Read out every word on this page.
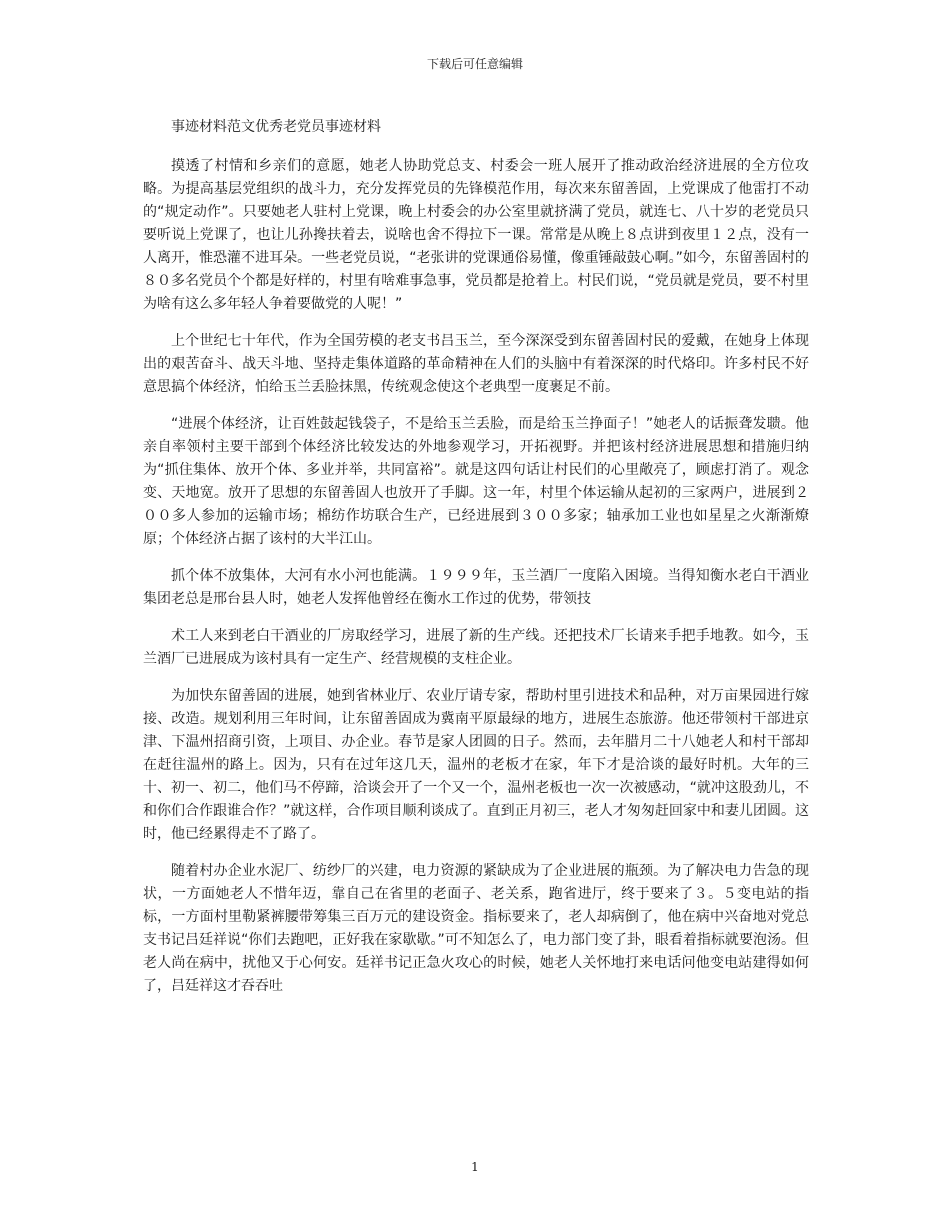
下载后可任意编辑

事迹材料范文优秀老党员事迹材料

摸透了村情和乡亲们的意愿，她老人协助党总支、村委会一班人展开了推动政治经济进展的全方位攻略。为提高基层党组织的战斗力，充分发挥党员的先锋模范作用，每次来东留善固，上党课成了他雷打不动的“规定动作”。只要她老人驻村上党课，晚上村委会的办公室里就挤满了党员，就连七、八十岁的老党员只要听说上党课了，也让儿孙搀扶着去，说啥也舍不得拉下一课。常常是从晚上８点讲到夜里１２点，没有一人离开，惟恐灌不进耳朵。一些老党员说，“老张讲的党课通俗易懂，像重锤敲鼓心啊。”如今，东留善固村的８０多名党员个个都是好样的，村里有啥难事急事，党员都是抢着上。村民们说，“党员就是党员，要不村里为啥有这么多年轻人争着要做党的人呢！”

上个世纪七十年代，作为全国劳模的老支书吕玉兰，至今深深受到东留善固村民的爱戴，在她身上体现出的艰苦奋斗、战天斗地、坚持走集体道路的革命精神在人们的头脑中有着深深的时代烙印。许多村民不好意思搞个体经济，怕给玉兰丢脸抹黑，传统观念使这个老典型一度裹足不前。

“进展个体经济，让百姓鼓起钱袋子，不是给玉兰丢脸，而是给玉兰挣面子！”她老人的话振聋发聩。他亲自率领村主要干部到个体经济比较发达的外地参观学习，开拓视野。并把该村经济进展思想和措施归纳为“抓住集体、放开个体、多业并举，共同富裕”。就是这四句话让村民们的心里敞亮了，顾虑打消了。观念变、天地宽。放开了思想的东留善固人也放开了手脚。这一年，村里个体运输从起初的三家两户，进展到２００多人参加的运输市场；棉纺作坊联合生产，已经进展到３００多家；轴承加工业也如星星之火渐渐燎原；个体经济占据了该村的大半江山。

抓个体不放集体，大河有水小河也能满。１９９９年，玉兰酒厂一度陷入困境。当得知衡水老白干酒业集团老总是邢台县人时，她老人发挥他曾经在衡水工作过的优势，带领技

术工人来到老白干酒业的厂房取经学习，进展了新的生产线。还把技术厂长请来手把手地教。如今，玉兰酒厂已进展成为该村具有一定生产、经营规模的支柱企业。

为加快东留善固的进展，她到省林业厅、农业厅请专家，帮助村里引进技术和品种，对万亩果园进行嫁接、改造。规划利用三年时间，让东留善固成为冀南平原最绿的地方，进展生态旅游。他还带领村干部进京津、下温州招商引资，上项目、办企业。春节是家人团圆的日子。然而，去年腊月二十八她老人和村干部却在赶往温州的路上。因为，只有在过年这几天，温州的老板才在家，年下才是洽谈的最好时机。大年的三十、初一、初二，他们马不停蹄，洽谈会开了一个又一个，温州老板也一次一次被感动，“就冲这股劲儿，不和你们合作跟谁合作？”就这样，合作项目顺利谈成了。直到正月初三，老人才匆匆赶回家中和妻儿团圆。这时，他已经累得走不了路了。

随着村办企业水泥厂、纺纱厂的兴建，电力资源的紧缺成为了企业进展的瓶颈。为了解决电力告急的现状，一方面她老人不惜年迈，靠自己在省里的老面子、老关系，跑省进厅，终于要来了３。５变电站的指标，一方面村里勒紧裤腰带筹集三百万元的建设资金。指标要来了，老人却病倒了，他在病中兴奋地对党总支书记吕廷祥说“你们去跑吧，正好我在家歇歇。”可不知怎么了，电力部门变了卦，眼看着指标就要泡汤。但老人尚在病中，扰他又于心何安。廷祥书记正急火攻心的时候，她老人关怀地打来电话问他变电站建得如何了，吕廷祥这才吞吞吐

1
